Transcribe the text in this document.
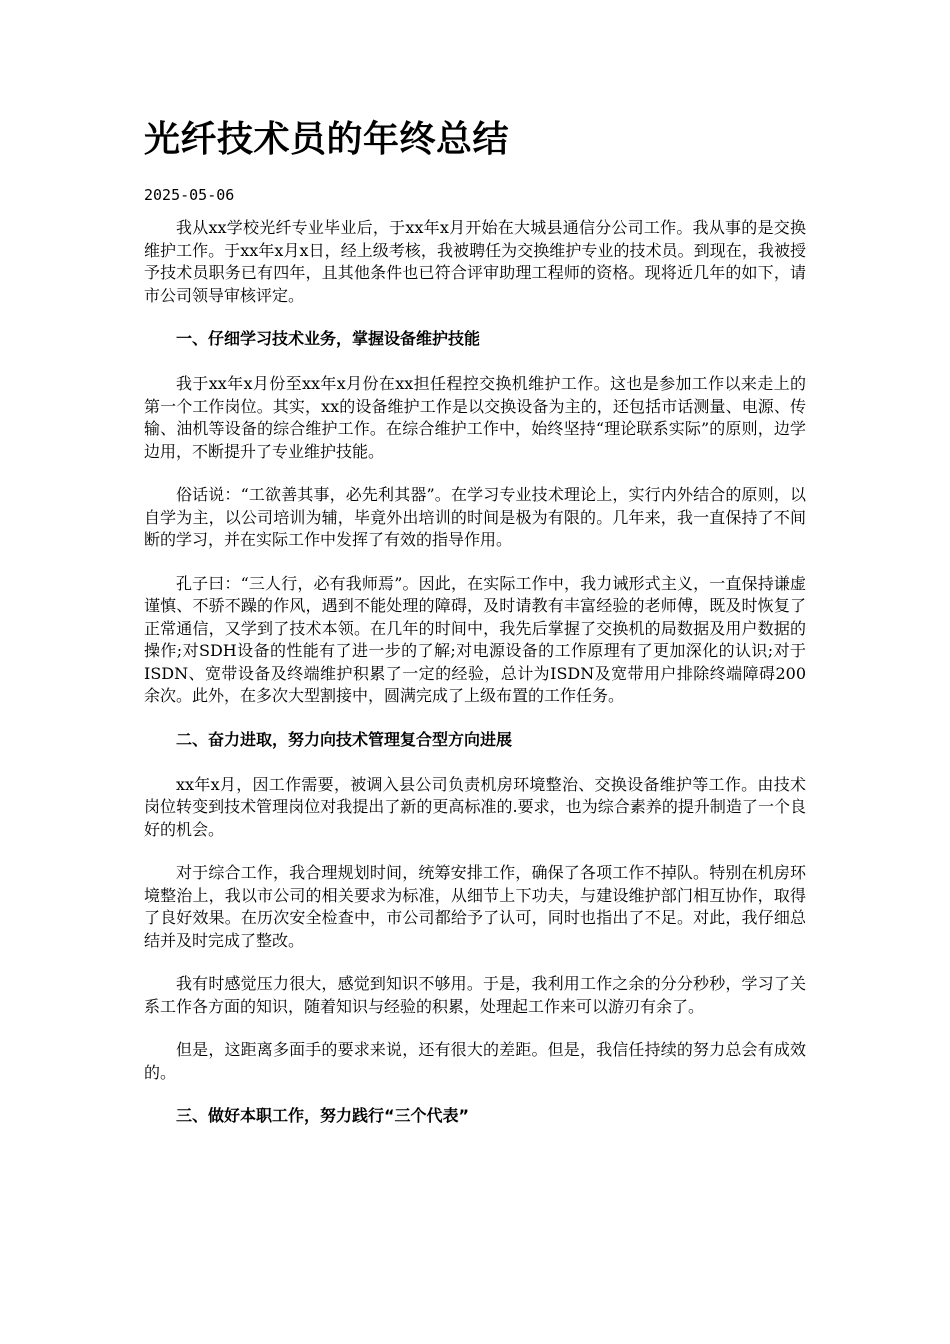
光纤技术员的年终总结
2025-05-06

我从xx学校光纤专业毕业后，于xx年x月开始在大城县通信分公司工作。我从事的是交换维护工作。于xx年x月x日，经上级考核，我被聘任为交换维护专业的技术员。到现在，我被授予技术员职务已有四年，且其他条件也已符合评审助理工程师的资格。现将近几年的如下，请市公司领导审核评定。

一、仔细学习技术业务，掌握设备维护技能

我于xx年x月份至xx年x月份在xx担任程控交换机维护工作。这也是参加工作以来走上的第一个工作岗位。其实，xx的设备维护工作是以交换设备为主的，还包括市话测量、电源、传输、油机等设备的综合维护工作。在综合维护工作中，始终坚持“理论联系实际”的原则，边学边用，不断提升了专业维护技能。

俗话说：“工欲善其事，必先利其器”。在学习专业技术理论上，实行内外结合的原则，以自学为主，以公司培训为辅，毕竟外出培训的时间是极为有限的。几年来，我一直保持了不间断的学习，并在实际工作中发挥了有效的指导作用。

孔子曰：“三人行，必有我师焉”。因此，在实际工作中，我力诫形式主义，一直保持谦虚谨慎、不骄不躁的作风，遇到不能处理的障碍，及时请教有丰富经验的老师傅，既及时恢复了正常通信，又学到了技术本领。在几年的时间中，我先后掌握了交换机的局数据及用户数据的操作;对SDH设备的性能有了进一步的了解;对电源设备的工作原理有了更加深化的认识;对于ISDN、宽带设备及终端维护积累了一定的经验，总计为ISDN及宽带用户排除终端障碍200余次。此外，在多次大型割接中，圆满完成了上级布置的工作任务。

二、奋力进取，努力向技术管理复合型方向进展

xx年x月，因工作需要，被调入县公司负责机房环境整治、交换设备维护等工作。由技术岗位转变到技术管理岗位对我提出了新的更高标准的.要求，也为综合素养的提升制造了一个良好的机会。

对于综合工作，我合理规划时间，统筹安排工作，确保了各项工作不掉队。特别在机房环境整治上，我以市公司的相关要求为标准，从细节上下功夫，与建设维护部门相互协作，取得了良好效果。在历次安全检查中，市公司都给予了认可，同时也指出了不足。对此，我仔细总结并及时完成了整改。

我有时感觉压力很大，感觉到知识不够用。于是，我利用工作之余的分分秒秒，学习了关系工作各方面的知识，随着知识与经验的积累，处理起工作来可以游刃有余了。

但是，这距离多面手的要求来说，还有很大的差距。但是，我信任持续的努力总会有成效的。

三、做好本职工作，努力践行“三个代表”
